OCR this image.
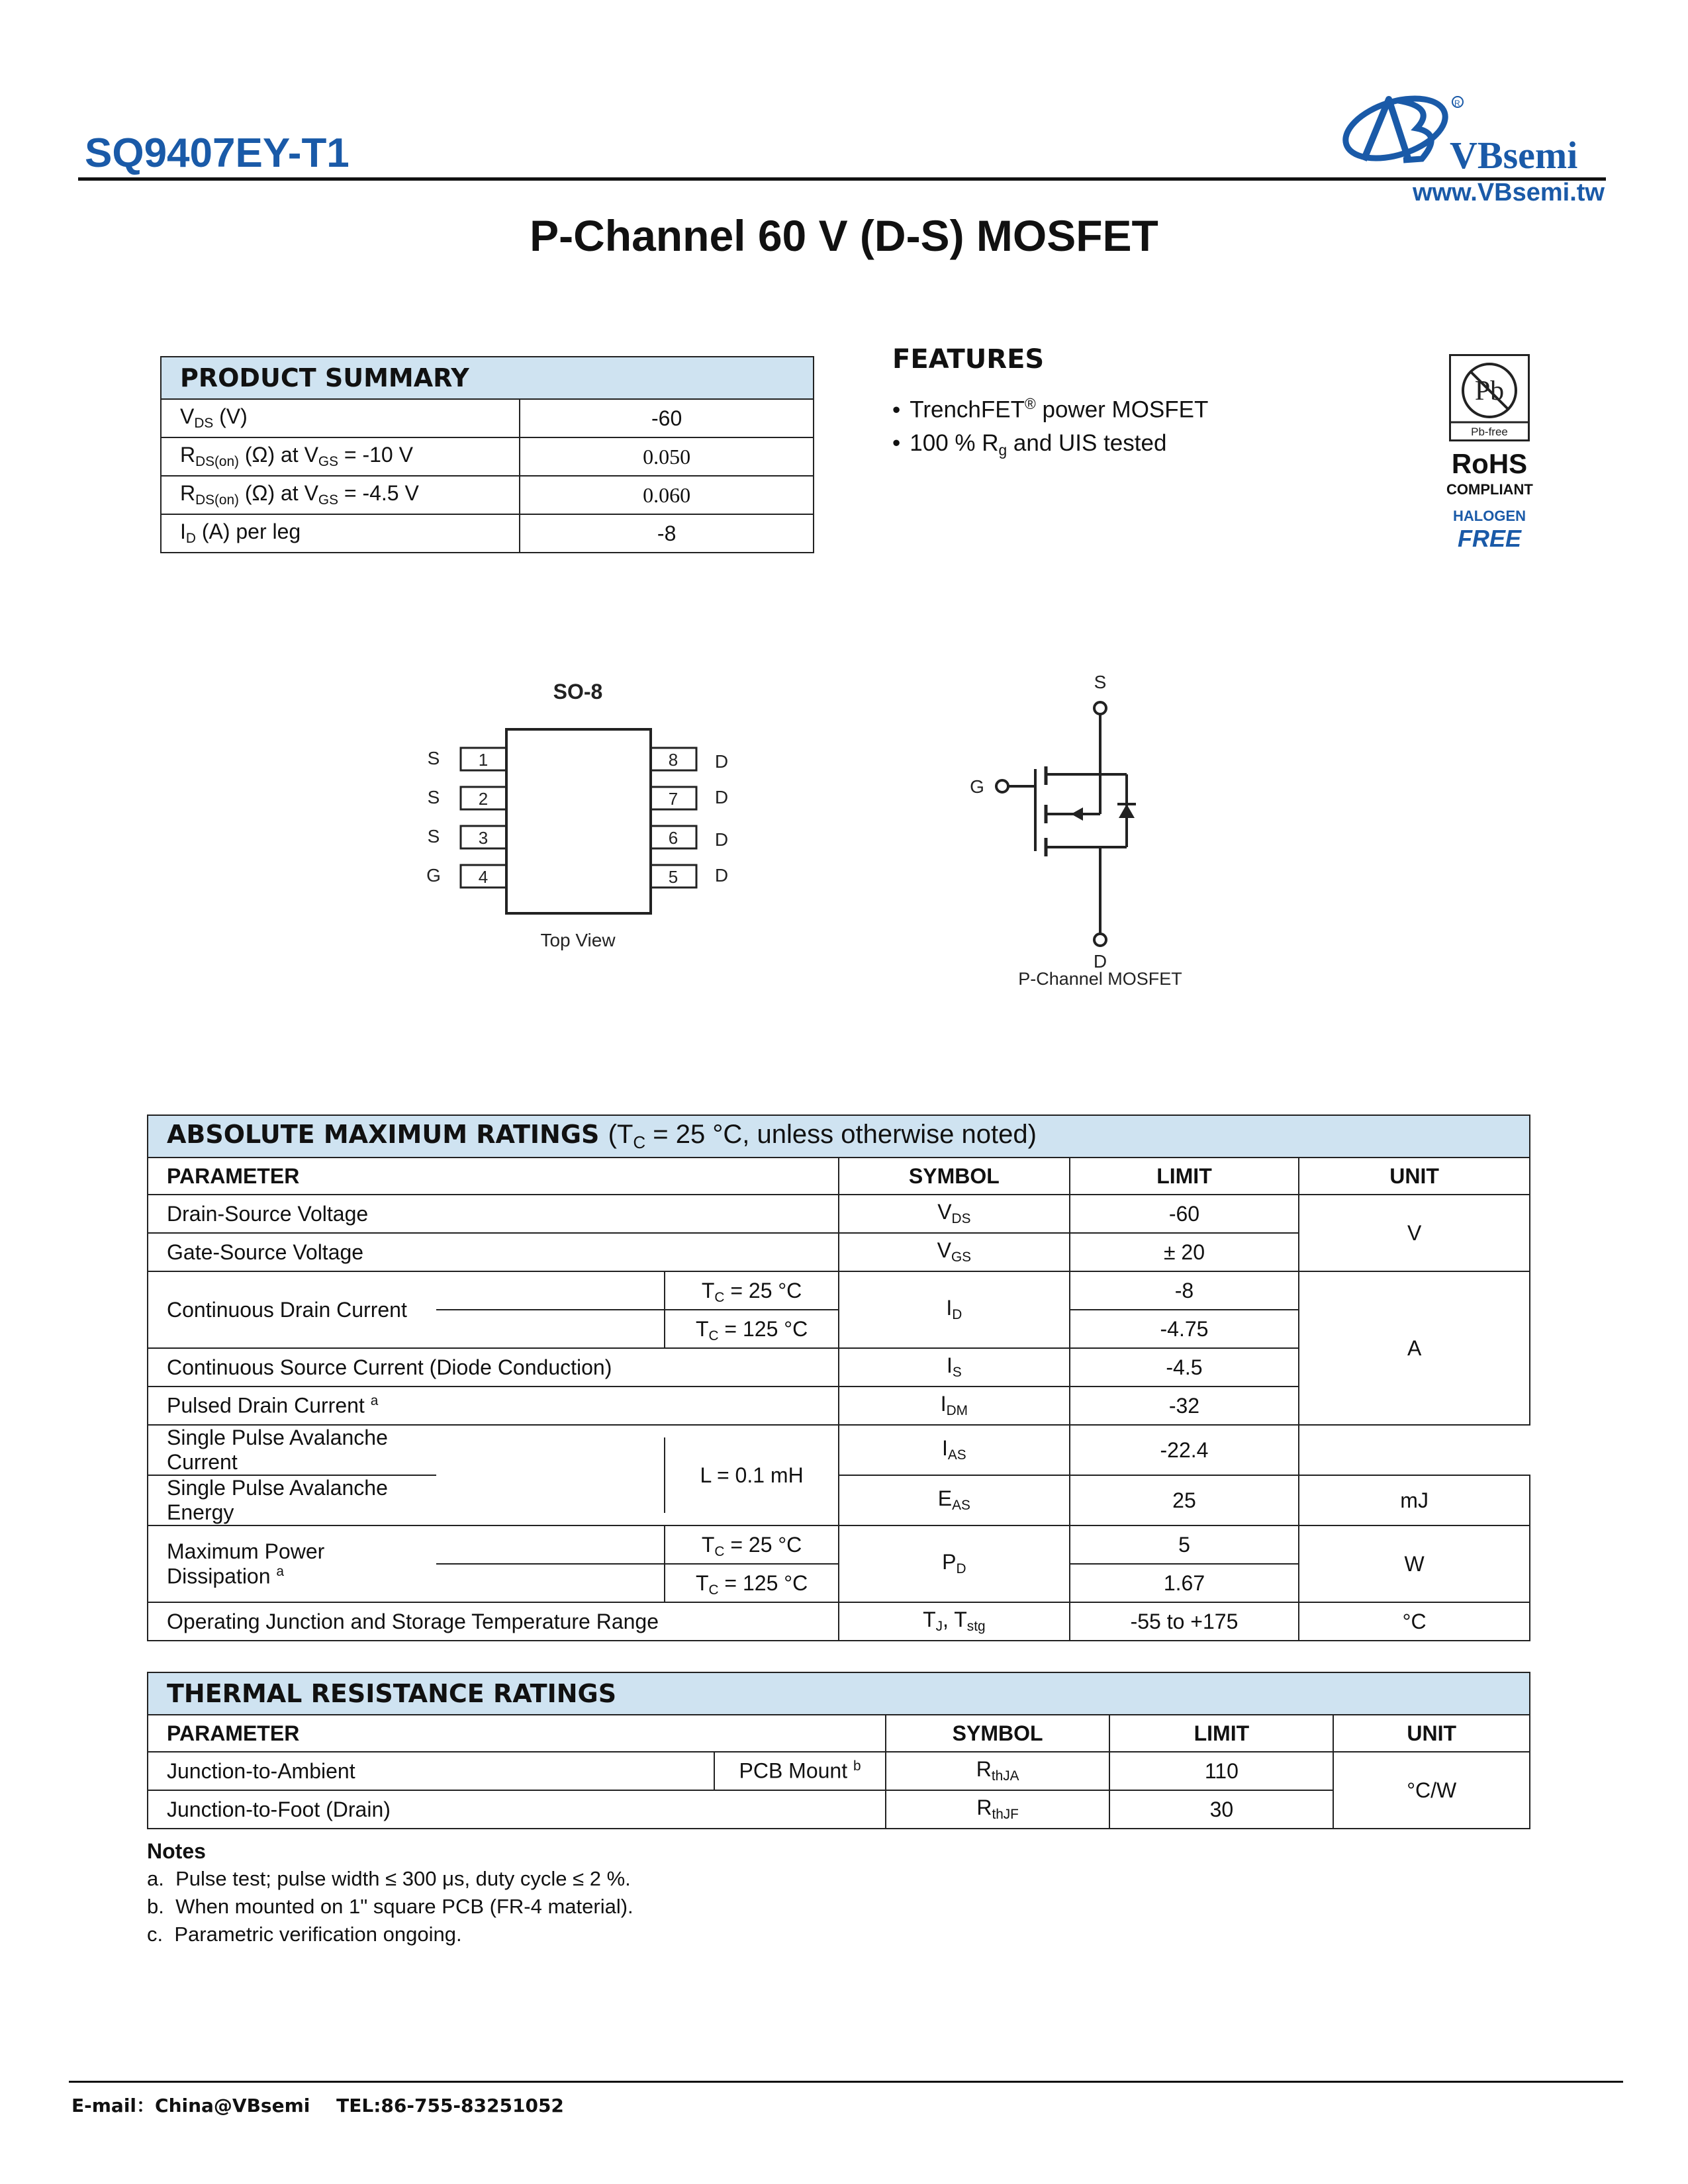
SQ9407EY-T1	VBsemi
R
www.VBsemi.tw
P-Channel 60 V (D-S) MOSFET
PRODUCT SUMMARY	
$V_{DS}$ (V)	-60
$R_{DS(on)}$ (Ω) at $V_{GS} = -10$ V	0.050
$R_{DS(on)}$ (Ω) at $V_{GS} = -4.5$ V	0.060
$I_D$ (A) per leg	-8
FEATURES
• TrenchFET® power MOSFET
• 100 % $R_g$ and UIS tested
Pb
Pb-free
RoHS
COMPLIANT
HALOGEN
FREE
SO-8
1
2
3
4
S
S
S
G
8
7
6
5
D
D
D
D
Top View
S
G
D
P-Channel MOSFET
ABSOLUTE MAXIMUM RATINGS ($T_C = 25$ °C, unless otherwise noted)				
PARAMETER		SYMBOL	LIMIT	UNIT
Drain-Source Voltage		$V_{DS}$	-60	V
Gate-Source Voltage		$V_{GS}$	± 20	
Continuous Drain Current	$T_C = 25$ °C	$I_D$	-8	A

	$T_C = 125$ °C		-4.75	
Continuous Source Current (Diode Conduction)		$I_S$	-4.5	
Pulsed Drain Current $^a$		$I_{DM}$	-32	
Single Pulse Avalanche Current	L = 0.1 mH	$I_{AS}$	-22.4	
Single Pulse Avalanche Energy		$E_{AS}$	25	mJ
Maximum Power Dissipation $^a$	$T_C = 25$ °C	$P_D$	5	W

	$T_C = 125$ °C		1.67	
Operating Junction and Storage Temperature Range		$T_J$, $T_{stg}$	-55 to +175	°C
THERMAL RESISTANCE RATINGS				
PARAMETER		SYMBOL	LIMIT	UNIT
Junction-to-Ambient	PCB Mount $^b$	$R_{thJA}$	110	°C/W
Junction-to-Foot (Drain)		$R_{thJF}$	30	
Notes
a.  Pulse test; pulse width ≤ 300 μs, duty cycle ≤ 2 %.
b.  When mounted on 1" square PCB (FR-4 material).
c.  Parametric verification ongoing.
E-mail：China@VBsemi TEL:86-755-83251052
